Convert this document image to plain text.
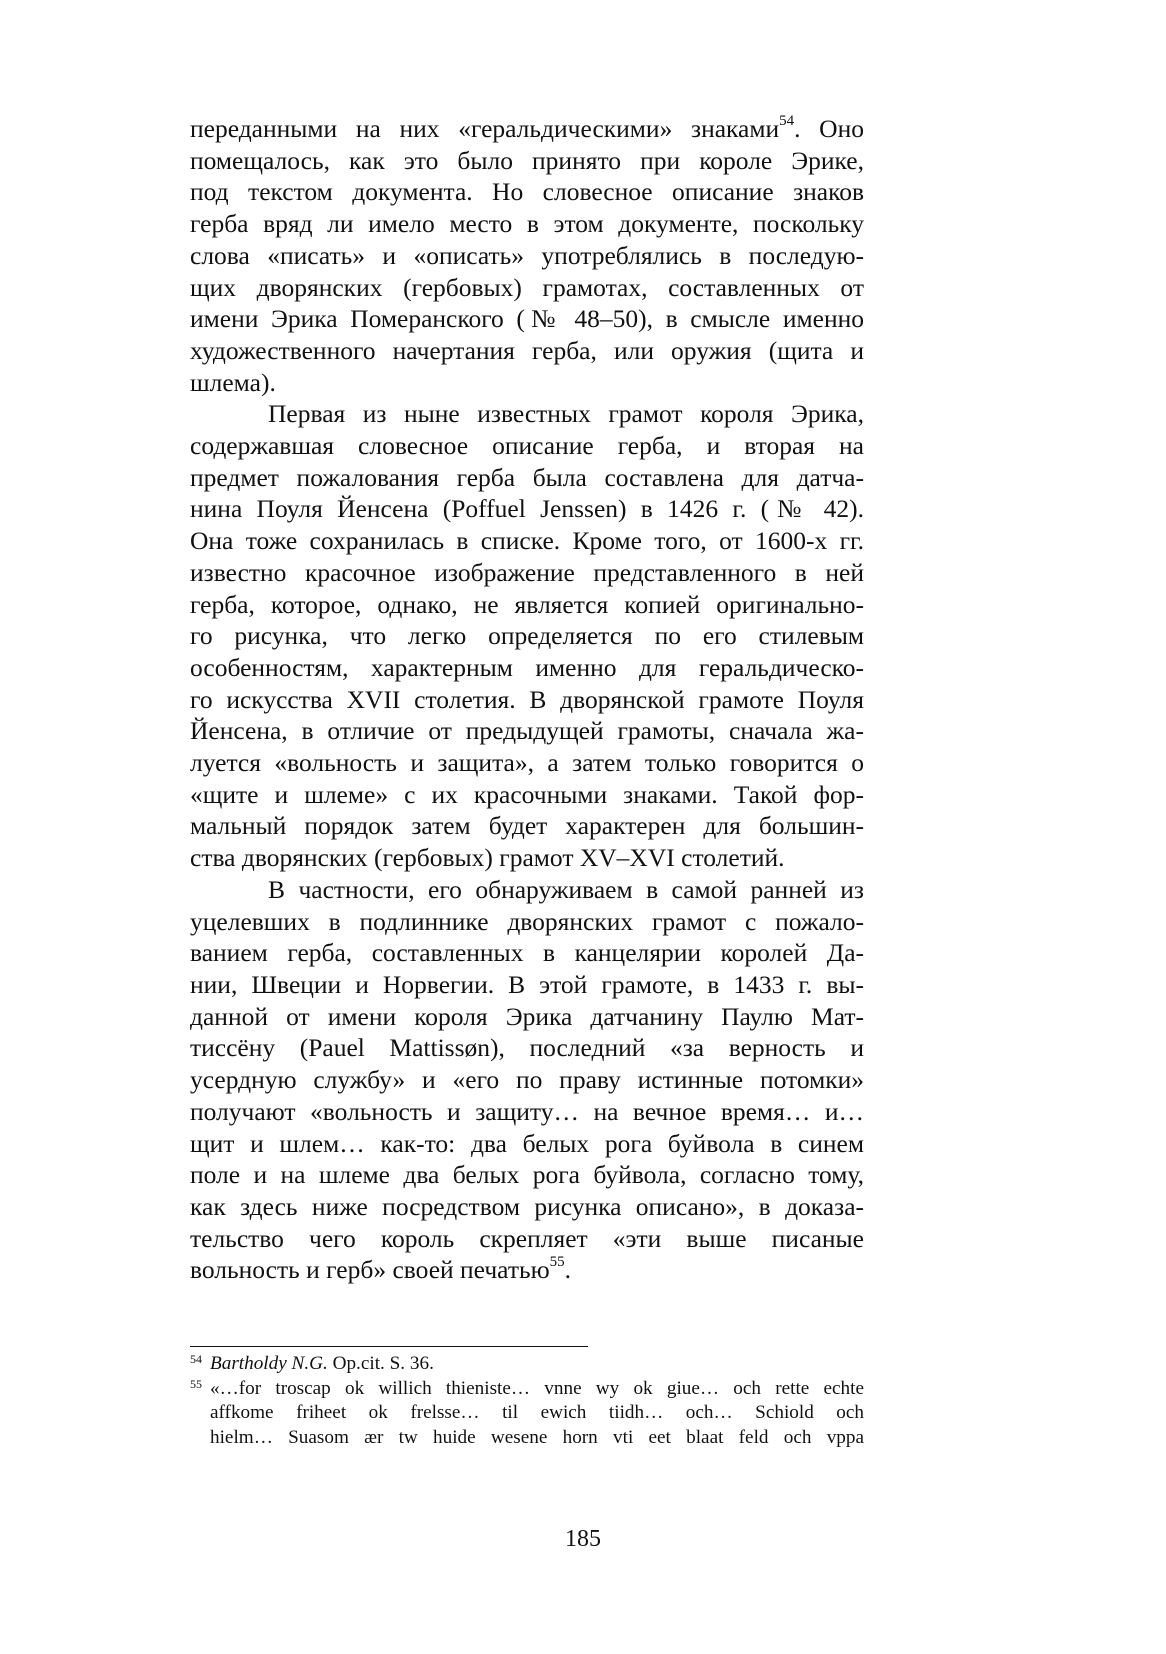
переданными на них «геральдическими» знаками$^{54}$. Оно
помещалось, как это было принято при короле Эрике,
под текстом документа. Но словесное описание знаков
герба вряд ли имело место в этом документе, поскольку
слова «писать» и «описать» употреблялись в последую-
щих дворянских (гербовых) грамотах, составленных от
имени Эрика Померанского (№ 48–50), в смысле именно
художественного начертания герба, или оружия (щита и
шлема).
Первая из ныне известных грамот короля Эрика,
содержавшая словесное описание герба, и вторая на
предмет пожалования герба была составлена для датча-
нина Поуля Йенсена (Poffuel Jenssen) в 1426 г. (№ 42).
Она тоже сохранилась в списке. Кроме того, от 1600-х гг.
известно красочное изображение представленного в ней
герба, которое, однако, не является копией оригинально-
го рисунка, что легко определяется по его стилевым
особенностям, характерным именно для геральдическо-
го искусства XVII столетия. В дворянской грамоте Поуля
Йенсена, в отличие от предыдущей грамоты, сначала жа-
луется «вольность и защита», а затем только говорится о
«щите и шлеме» с их красочными знаками. Такой фор-
мальный порядок затем будет характерен для большин-
ства дворянских (гербовых) грамот XV–XVI столетий.
В частности, его обнаруживаем в самой ранней из
уцелевших в подлиннике дворянских грамот с пожало-
ванием герба, составленных в канцелярии королей Да-
нии, Швеции и Норвегии. В этой грамоте, в 1433 г. вы-
данной от имени короля Эрика датчанину Паулю Мат-
тиссёну (Pauel Mattissøn), последний «за верность и
усердную службу» и «его по праву истинные потомки»
получают «вольность и защиту… на вечное время… и…
щит и шлем… как-то: два белых рога буйвола в синем
поле и на шлеме два белых рога буйвола, согласно тому,
как здесь ниже посредством рисунка описано», в доказа-
тельство чего король скрепляет «эти выше писаные
вольность и герб» своей печатью$^{55}$.
54 Bartholdy N.G. Op.cit. S. 36.
55 «…for troscap ok willich thieniste… vnne wy ok giue… och rette echte
affkome friheet ok frelsse… til ewich tiidh… och… Schiold och
hielm… Suasom ær tw huide wesene horn vti eet blaat feld och vppa
185
